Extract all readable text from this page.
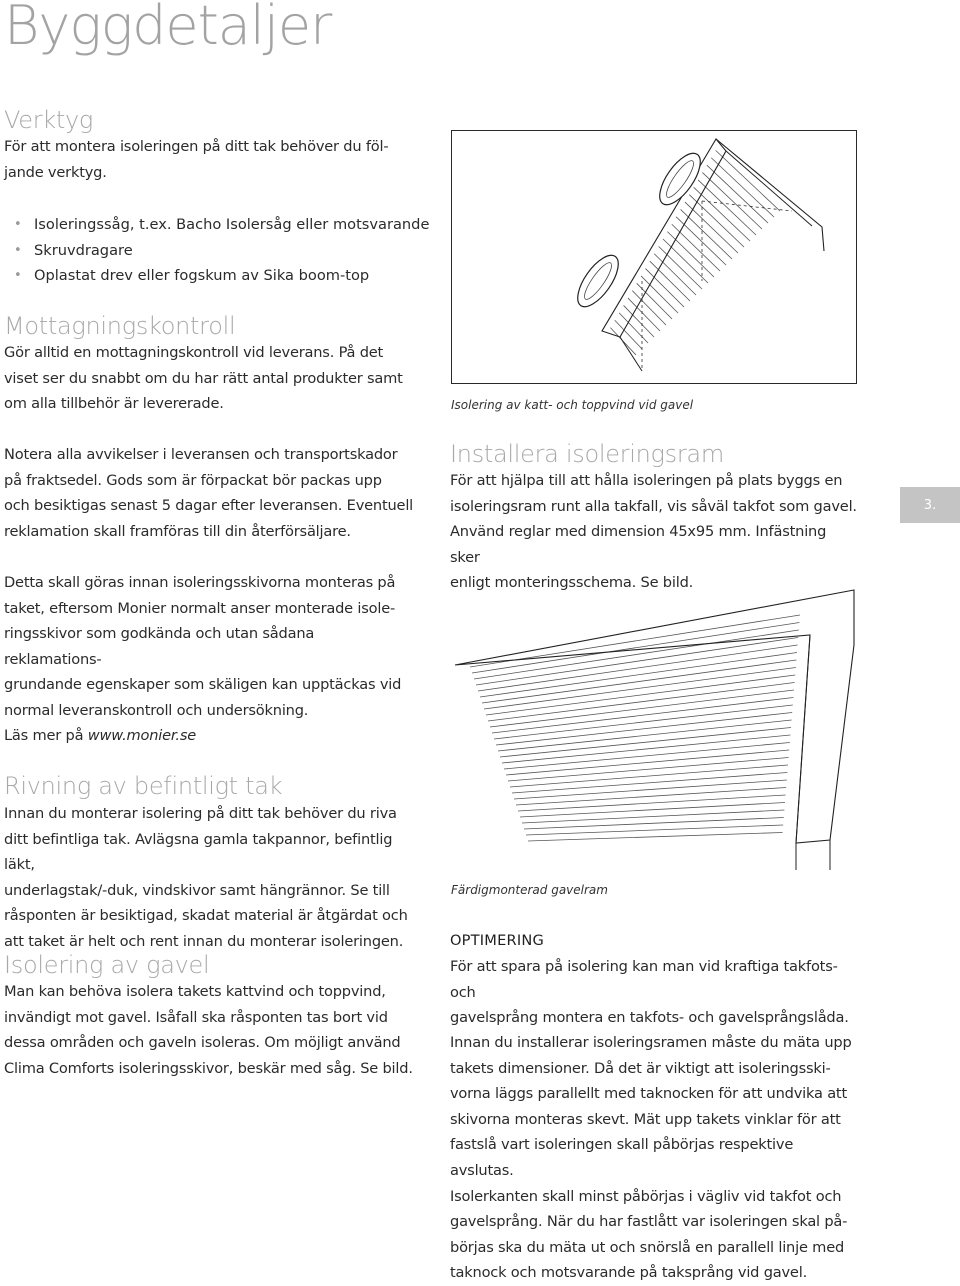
Byggdetaljer
Verktyg

För att montera isoleringen på ditt tak behöver du föl-

jande verktyg.

• Isoleringssåg, t.ex. Bacho Isolersåg eller motsvarande
• Skruvdragare
• Oplastat drev eller fogskum av Sika boom-top
Mottagningskontroll

Gör alltid en mottagningskontroll vid leverans. På det

viset ser du snabbt om du har rätt antal produkter samt

om alla tillbehör är levererade.

Notera alla avvikelser i leveransen och transportskador

på fraktsedel. Gods som är förpackat bör packas upp

och besiktigas senast 5 dagar efter leveransen. Eventuell

reklamation skall framföras till din återförsäljare.

Detta skall göras innan isoleringsskivorna monteras på

taket, eftersom Monier normalt anser monterade isole-

ringsskivor som godkända och utan sådana reklamations-

grundande egenskaper som skäligen kan upptäckas vid

normal leveranskontroll och undersökning.

Läs mer på www.monier.se
Rivning av befintligt tak

Innan du monterar isolering på ditt tak behöver du riva

ditt befintliga tak. Avlägsna gamla takpannor, befintlig läkt,

underlagstak/-duk, vindskivor samt hängrännor. Se till

råsponten är besiktigad, skadat material är åtgärdat och

att taket är helt och rent innan du monterar isoleringen.

Isolering av gavel

Man kan behöva isolera takets kattvind och toppvind,

invändigt mot gavel. Isåfall ska råsponten tas bort vid

dessa områden och gaveln isoleras. Om möjligt använd

Clima Comforts isoleringsskivor, beskär med såg. Se bild.

Isolering av katt- och toppvind vid gavel
Installera isoleringsram

För att hjälpa till att hålla isoleringen på plats byggs en

isoleringsram runt alla takfall, vis såväl takfot som gavel.

Använd reglar med dimension 45x95 mm. Infästning sker

enligt monteringsschema. Se bild.

3.
Färdigmonterad gavelram
OPTIMERING

För att spara på isolering kan man vid kraftiga takfots- och

gavelsprång montera en takfots- och gavelsprångslåda.

Innan du installerar isoleringsramen måste du mäta upp

takets dimensioner. Då det är viktigt att isoleringsski-

vorna läggs parallellt med taknocken för att undvika att

skivorna monteras skevt. Mät upp takets vinklar för att

fastslå vart isoleringen skall påbörjas respektive avslutas.

Isolerkanten skall minst påbörjas i vägliv vid takfot och

gavelsprång. När du har fastlått var isoleringen skal på-

börjas ska du mäta ut och snörslå en parallell linje med

taknock och motsvarande på taksprång vid gavel.
